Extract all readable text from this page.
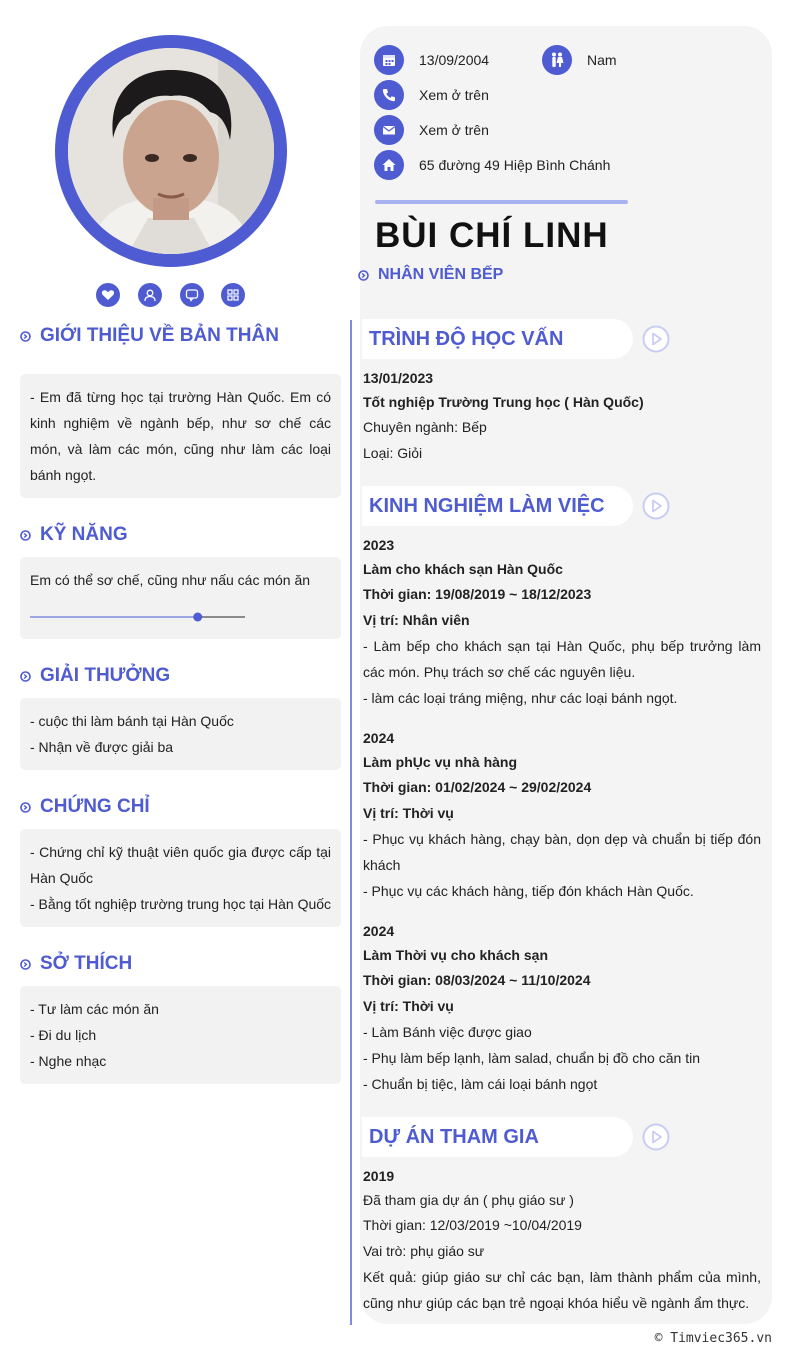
13/09/2004	Nam
Xem ở trên
Xem ở trên
65 đường 49 Hiệp Bình Chánh
BÙI CHÍ LINH
NHÂN VIÊN BẾP
GIỚI THIỆU VỀ BẢN THÂN
- Em đã từng học tại trường Hàn Quốc. Em có kinh nghiệm về ngành bếp, như sơ chế các món, và làm các món, cũng như làm các loại bánh ngọt.
KỸ NĂNG
Em có thể sơ chế, cũng như nấu các món ăn
GIẢI THƯỞNG
- cuộc thi làm bánh tại Hàn Quốc
- Nhận về được giải ba
CHỨNG CHỈ
- Chứng chỉ kỹ thuật viên quốc gia được cấp tại Hàn Quốc
- Bằng tốt nghiệp trường trung học tại Hàn Quốc
SỞ THÍCH
- Tư làm các món ăn
- Đi du lịch
- Nghe nhạc
TRÌNH ĐỘ HỌC VẤN
13/01/2023
Tốt nghiệp Trường Trung học ( Hàn Quốc)
Chuyên ngành: Bếp
Loại: Giỏi
KINH NGHIỆM LÀM VIỆC
2023
Làm cho khách sạn Hàn Quốc
Thời gian: 19/08/2019 ~ 18/12/2023
Vị trí: Nhân viên
- Làm bếp cho khách sạn tại Hàn Quốc, phụ bếp trưởng làm các món. Phụ trách sơ chế các nguyên liệu.
- làm các loại tráng miệng, như các loại bánh ngọt.
2024
Làm phỤc vụ nhà hàng
Thời gian: 01/02/2024 ~ 29/02/2024
Vị trí: Thời vụ
- Phục vụ khách hàng, chạy bàn, dọn dẹp và chuẩn bị tiếp đón khách
- Phục vụ các khách hàng, tiếp đón khách Hàn Quốc.
2024
Làm Thời vụ cho khách sạn
Thời gian: 08/03/2024 ~ 11/10/2024
Vị trí: Thời vụ
- Làm Bánh việc được giao
- Phụ làm bếp lạnh, làm salad, chuẩn bị đồ cho căn tin
- Chuẩn bị tiệc, làm cái loại bánh ngọt
DỰ ÁN THAM GIA
2019
Đã tham gia dự án ( phụ giáo sư )
Thời gian: 12/03/2019 ~10/04/2019
Vai trò: phụ giáo sư
Kết quả: giúp giáo sư chỉ các bạn, làm thành phẩm của mình, cũng như giúp các bạn trẻ ngoại khóa hiểu về ngành ẩm thực.
© Timviec365.vn
